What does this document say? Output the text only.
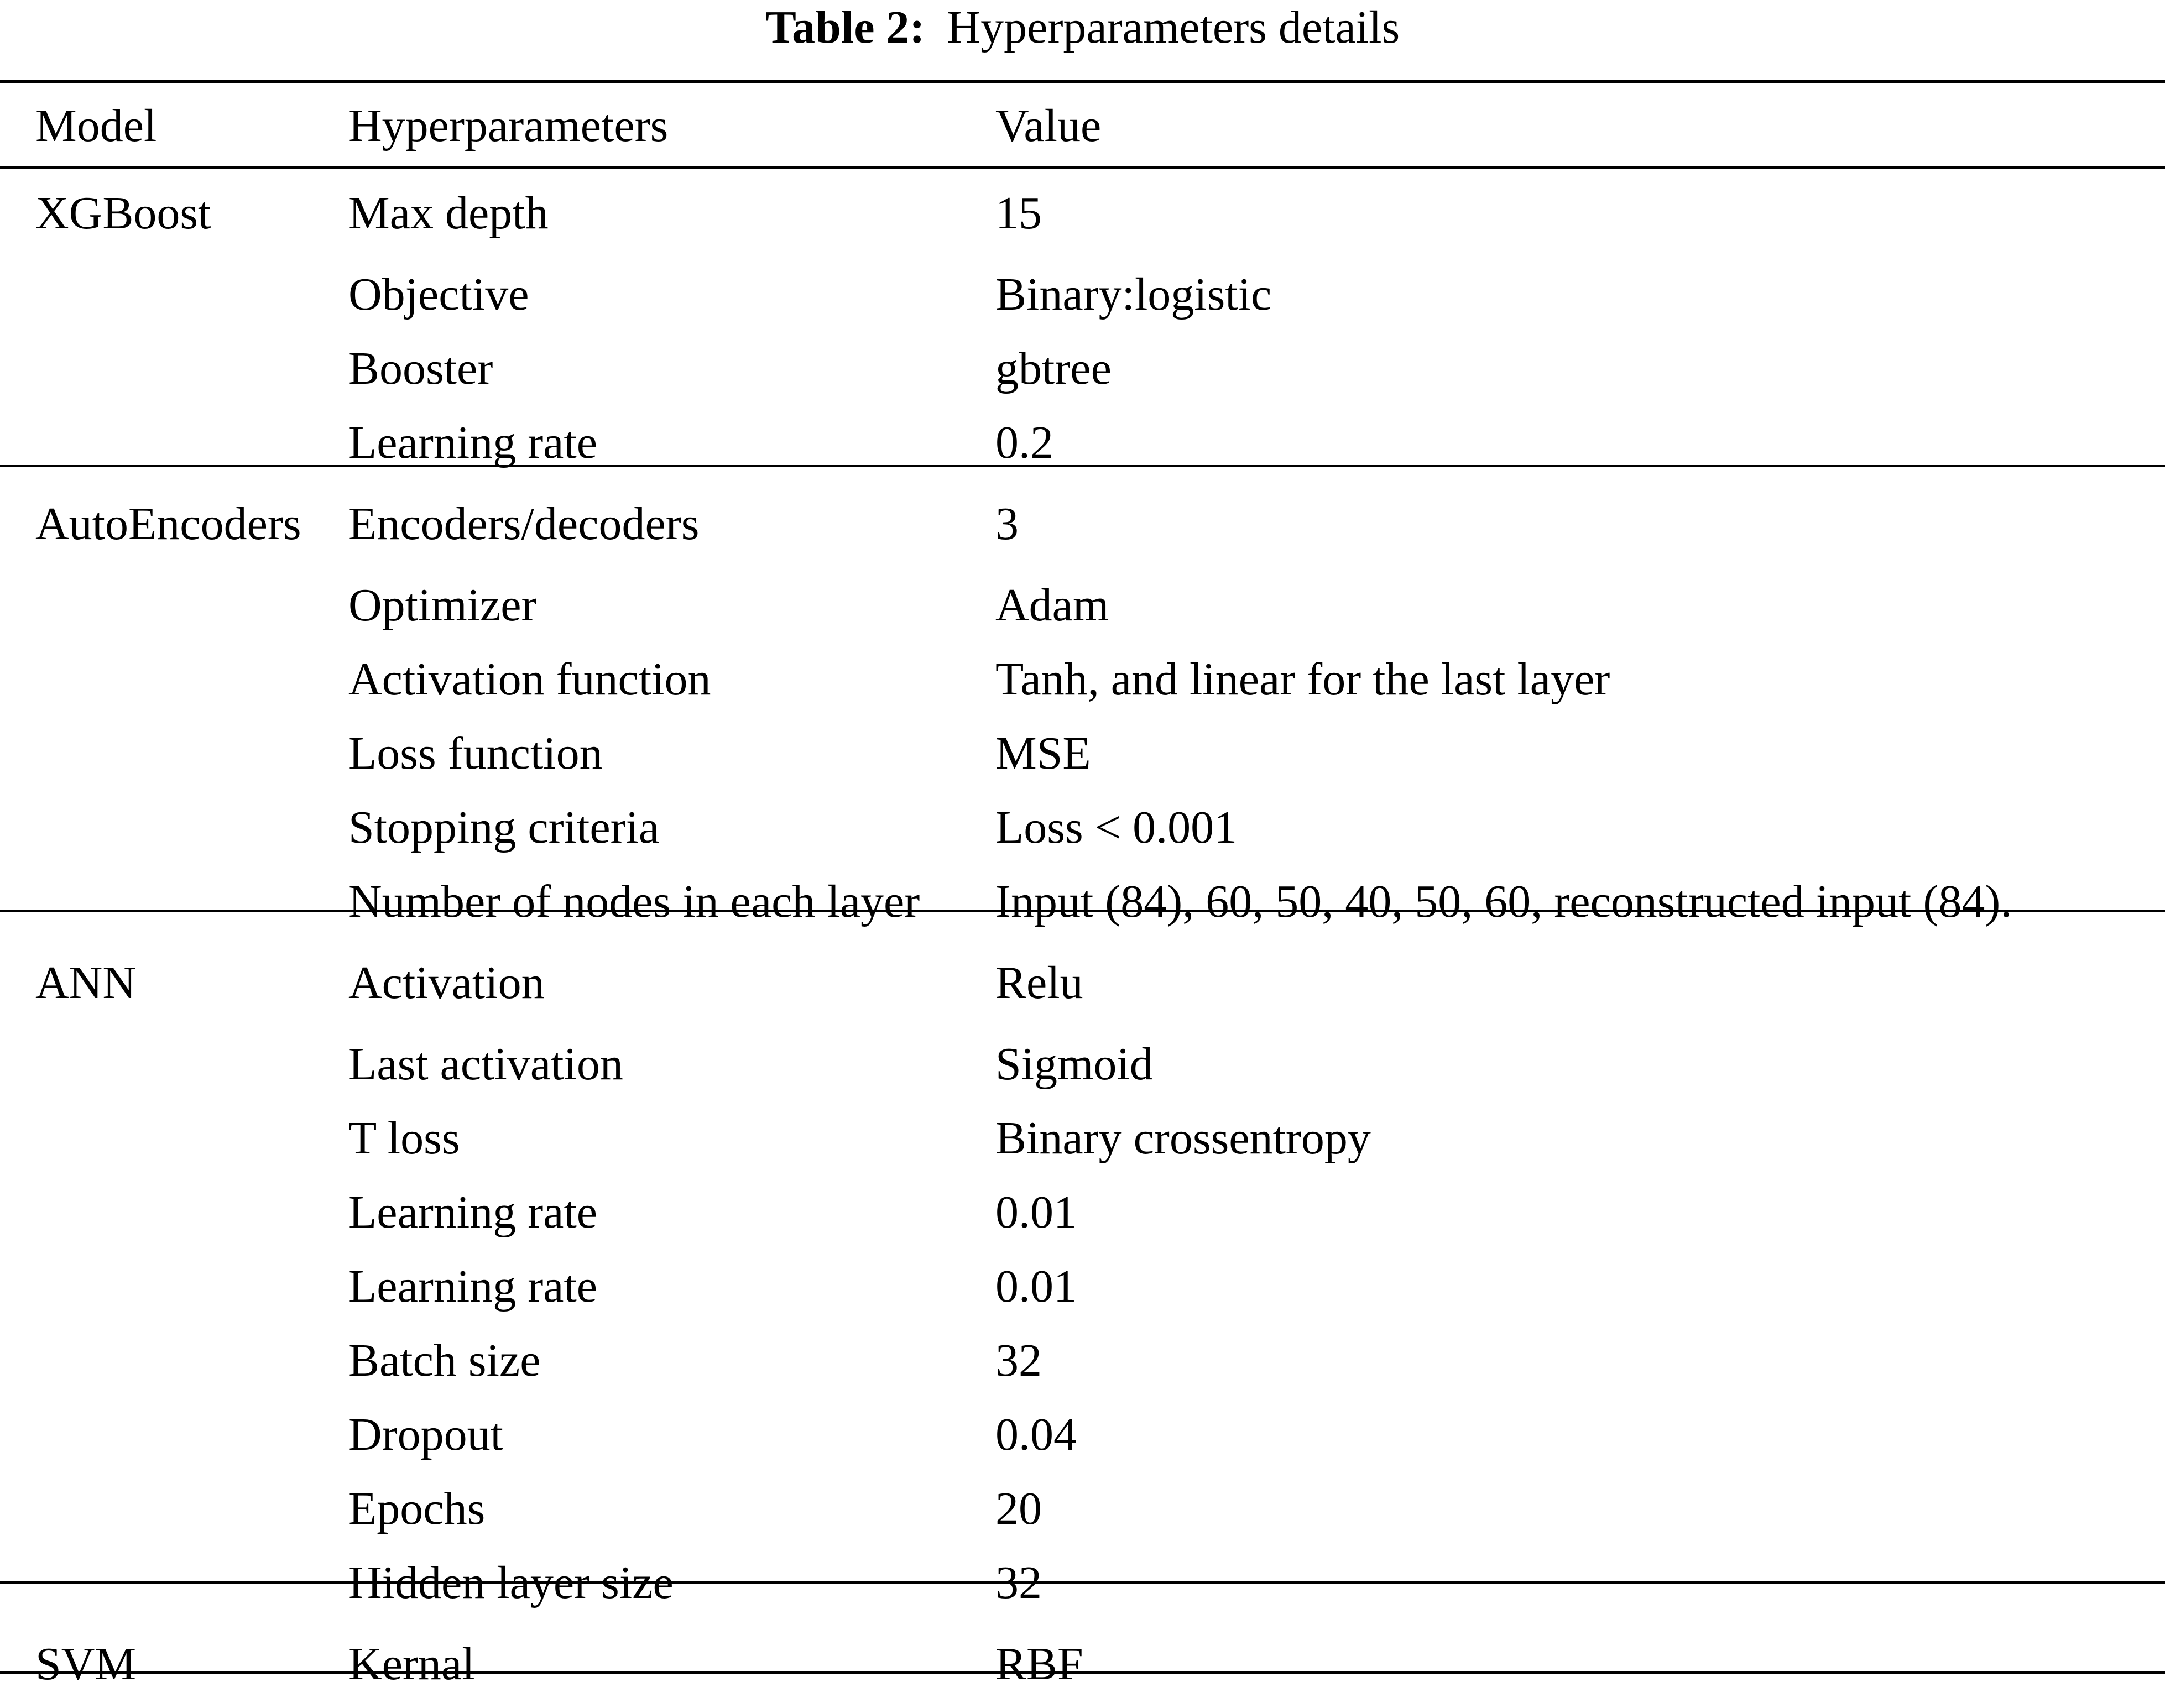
Table 2: Hyperparameters details
Model	Hyperparameters	Value
XGBoost	Max depth	15
	Objective	Binary:logistic
	Booster	gbtree
	Learning rate	0.2
AutoEncoders	Encoders/decoders	3
	Optimizer	Adam
	Activation function	Tanh, and linear for the last layer
	Loss function	MSE
	Stopping criteria	Loss < 0.001
	Number of nodes in each layer	Input (84), 60, 50, 40, 50, 60, reconstructed input (84).
ANN	Activation	Relu
	Last activation	Sigmoid
	T loss	Binary crossentropy
	Learning rate	0.01
	Learning rate	0.01
	Batch size	32
	Dropout	0.04
	Epochs	20
	Hidden layer size	32
SVM	Kernal	RBF
